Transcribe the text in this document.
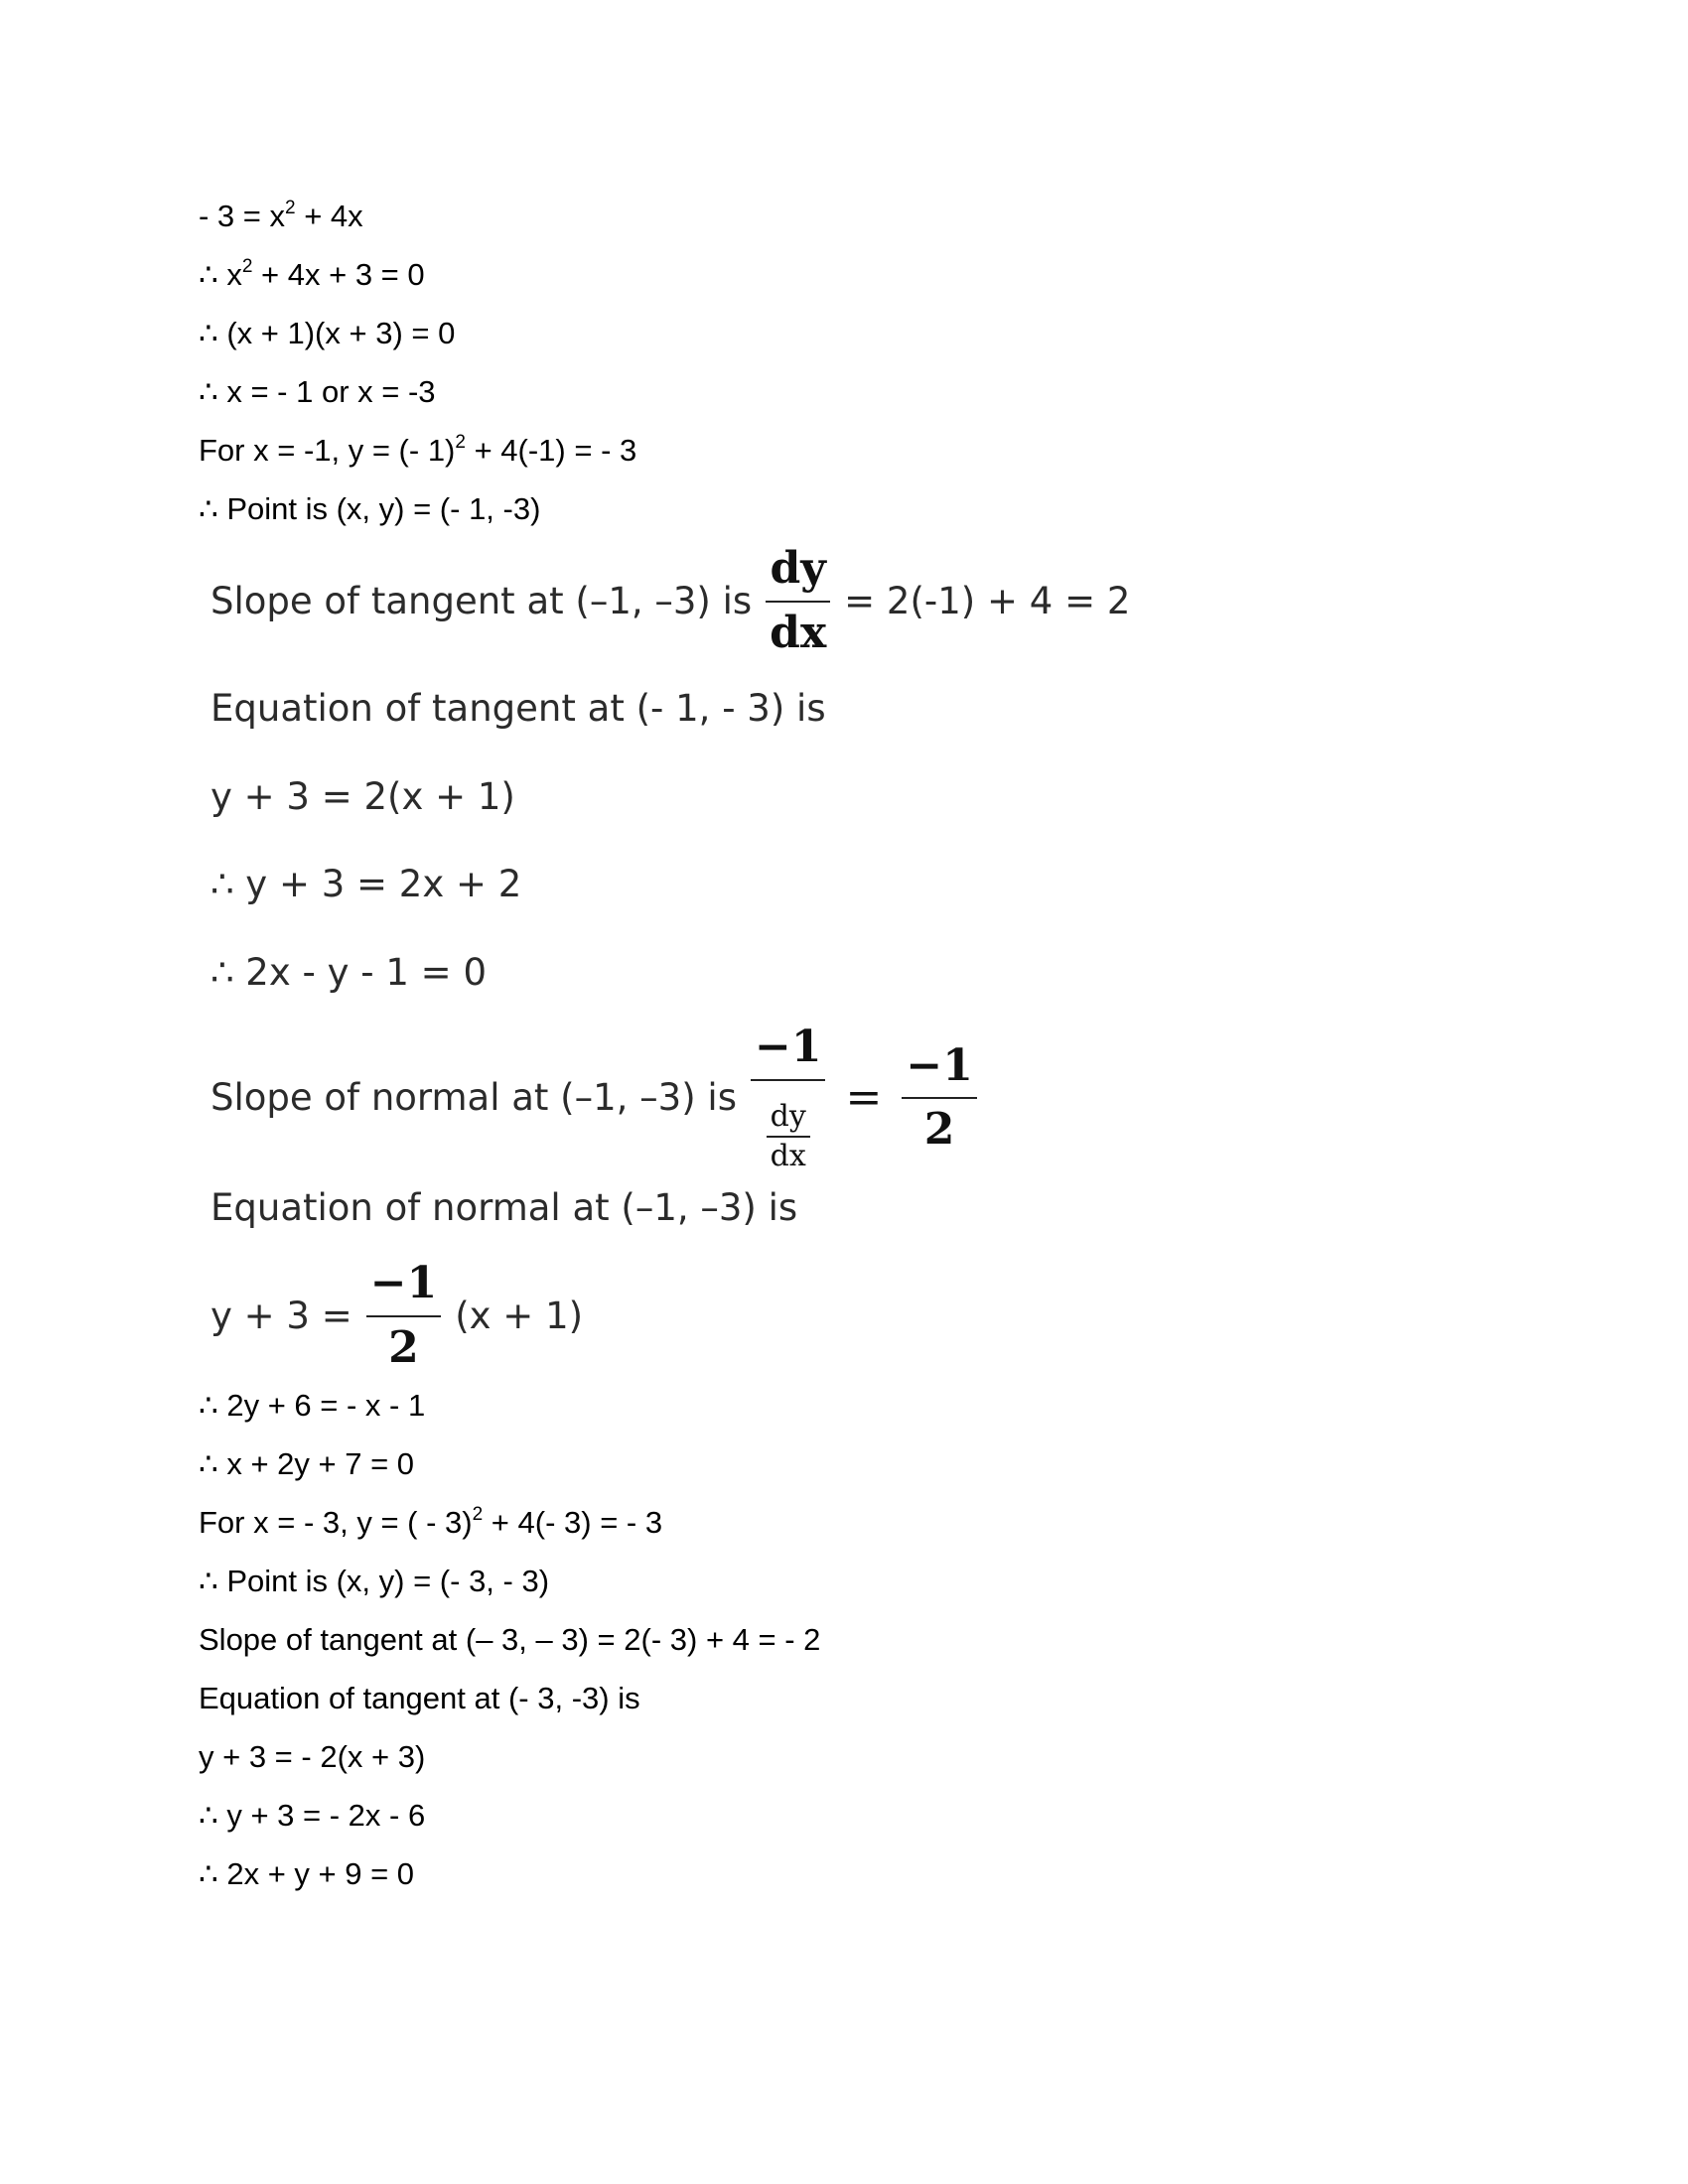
- $3 = x^2 + 4x$
∴ $x^2 + 4x + 3 = 0$
∴ (x + 1)(x + 3) = 0
∴ x = - 1 or x = -3
For x = -1, y = (- 1)$^2$ + 4(-1) = - 3
∴ Point is (x, y) = (- 1, -3)
Slope of tangent at (–1, –3) is $\frac{dy}{dx} = 2(-1) + 4 = 2$
Equation of tangent at (- 1, - 3) is
y + 3 = 2(x + 1)
∴ y + 3 = 2x + 2
∴ 2x - y - 1 = 0
Slope of normal at (–1, –3) is $\frac{-1}{\frac{dy}{dx}} = \frac{-1}{2}$
Equation of normal at (–1, –3) is
$y + 3 = \frac{-1}{2} (x + 1)$
∴ 2y + 6 = - x - 1
∴ x + 2y + 7 = 0
For x = - 3, y = ( - 3)$^2$ + 4(- 3) = - 3
∴ Point is (x, y) = (- 3, - 3)
Slope of tangent at (– 3, – 3) = 2(- 3) + 4 = - 2
Equation of tangent at (- 3, -3) is
y + 3 = - 2(x + 3)
∴ y + 3 = - 2x - 6
∴ 2x + y + 9 = 0
